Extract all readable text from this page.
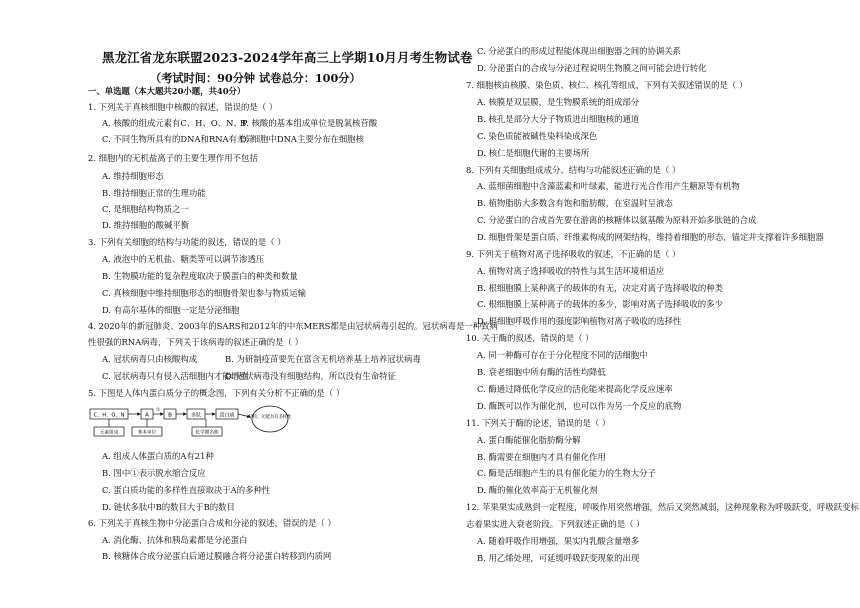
黑龙江省龙东联盟2023-2024学年高三上学期10月月考生物试卷
（考试时间：90分钟 试卷总分：100分）
一、单选题（本大题共20小题，共40分）
1. 下列关于真核细胞中核酸的叙述，错误的是（ ）
A. 核酸的组成元素有C、H、O、N、P
B. 核酸的基本组成单位是脱氧核苷酸
C. 不同生物所具有的DNA和RNA有差异
D. 细胞中DNA主要分布在细胞核
2. 细胞内的无机盐离子的主要生理作用不包括
A. 维持细胞形态
B. 维持细胞正常的生理功能
C. 是细胞结构物质之一
D. 维持细胞的酸碱平衡
3. 下列有关细胞的结构与功能的叙述，错误的是（ ）
A. 液泡中的无机盐、糖类等可以调节渗透压
B. 生物膜功能的复杂程度取决于膜蛋白的种类和数量
C. 真核细胞中维持细胞形态的细胞骨架也参与物质运输
D. 有高尔基体的细胞一定是分泌细胞
4. 2020年的新冠肺炎、2003年的SARS和2012年的中东MERS都是由冠状病毒引起的。冠状病毒是一种致病
性很强的RNA病毒，下列关于该病毒的叙述正确的是（ ）
A. 冠状病毒只由核酸构成	B. 为研制疫苗要先在富含无机培养基上培养冠状病毒
C. 冠状病毒只有侵入活细胞内才能增殖
D. 冠状病毒没有细胞结构，所以没有生命特征
5. 下图是人体内蛋白质分子的概念图，下列有关分析不正确的是（ ）
C、H、O、N	A
①
B	多肽	蛋白质	结构、功能具有多样性
元素组成	基本单位	化学键名称
A. 组成人体蛋白质的A有21种
B. 图中①表示脱水缩合反应
C. 蛋白质功能的多样性直接取决于A的多种性
D. 链状多肽中B的数目大于B的数目
6. 下列关于真核生物中分泌蛋白合成和分泌的叙述，错误的是（ ）
A. 消化酶、抗体和胰岛素都是分泌蛋白
B. 核糖体合成分泌蛋白后通过膜融合将分泌蛋白转移到内质网
C. 分泌蛋白的形成过程能体现出细胞器之间的协调关系
D. 分泌蛋白的合成与分泌过程说明生物膜之间可能会进行转化
7. 细胞核由核膜、染色质、核仁、核孔等组成，下列有关叙述错误的是（ ）
A. 核膜是双层膜，是生物膜系统的组成部分
B. 核孔是部分大分子物质进出细胞核的通道
C. 染色质能被碱性染料染成深色
D. 核仁是细胞代谢的主要场所
8. 下列有关细胞组成成分、结构与功能叙述正确的是（ ）
A. 蓝细菌细胞中含藻蓝素和叶绿素，能进行光合作用产生糖原等有机物
B. 植物脂肪大多数含有饱和脂肪酸，在室温时呈液态
C. 分泌蛋白的合成首先要在游离的核糖体以氨基酸为原料开始多肽链的合成
D. 细胞骨架是蛋白质、纤维素构成的网架结构，维持着细胞的形态，锚定并支撑着许多细胞器
9. 下列关于植物对离子选择吸收的叙述，不正确的是（ ）
A. 植物对离子选择吸收的特性与其生活环境相适应
B. 根细胞膜上某种离子的载体的有无，决定对离子选择吸收的种类
C. 根细胞膜上某种离子的载体的多少，影响对离子选择吸收的多少
D. 根细胞呼吸作用的强度影响植物对离子吸收的选择性
10. 关于酶的叙述，错误的是（ ）
A. 同一种酶可存在于分化程度不同的活细胞中
B. 衰老细胞中所有酶的活性均降低
C. 酶通过降低化学反应的活化能来提高化学反应速率
D. 酶既可以作为催化剂，也可以作为另一个反应的底物
11. 下列关于酶的论述，错误的是（ ）
A. 蛋白酶能催化脂肪酶分解
B. 酶需要在细胞内才具有催化作用
C. 酶是活细胞产生的具有催化能力的生物大分子
D. 酶的催化效率高于无机催化剂
12. 苹果果实成熟到一定程度，呼吸作用突然增强，然后又突然减弱，这种现象称为呼吸跃变，呼吸跃变标
志着果实进入衰老阶段。下列叙述正确的是（ ）
A. 随着呼吸作用增强，果实内乳酸含量增多
B. 用乙烯处理，可延缓呼吸跃变现象的出现
